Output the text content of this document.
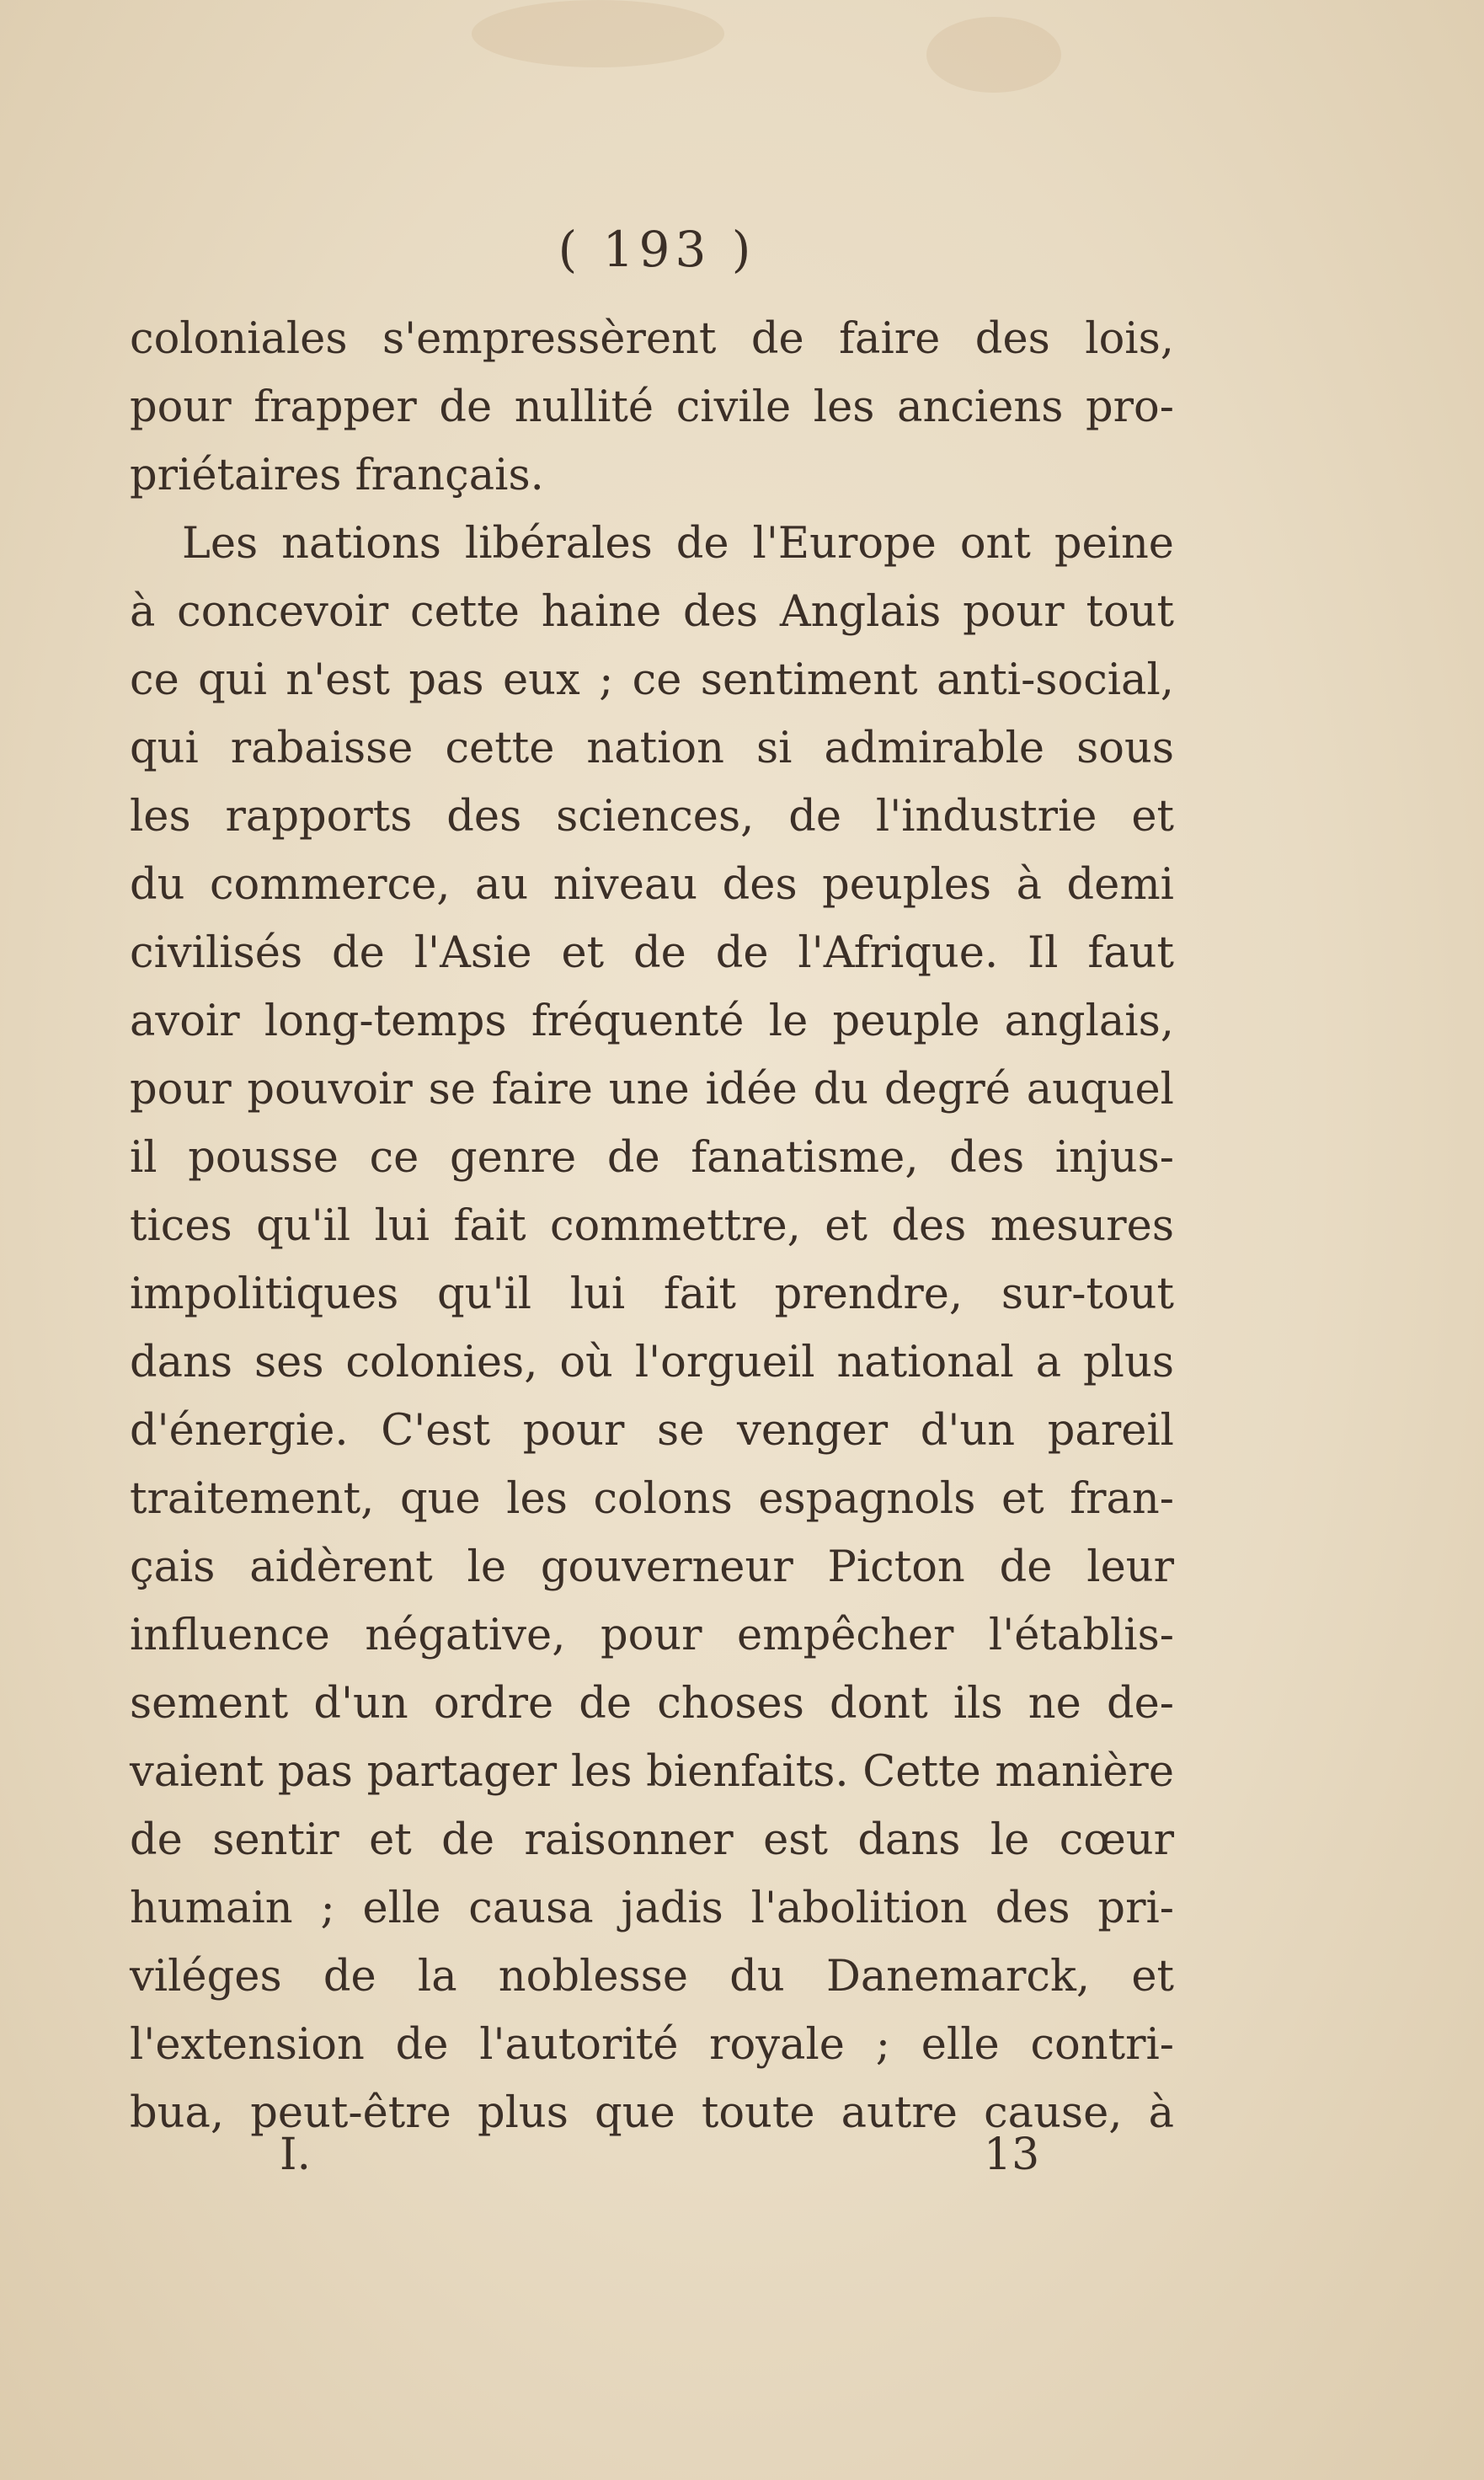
( 193 )
coloniales s'empressèrent de faire des lois,
pour frapper de nullité civile les anciens pro-
priétaires français.
Les nations libérales de l'Europe ont peine
à concevoir cette haine des Anglais pour tout
ce qui n'est pas eux ; ce sentiment anti-social,
qui rabaisse cette nation si admirable sous
les rapports des sciences, de l'industrie et
du commerce, au niveau des peuples à demi
civilisés de l'Asie et de de l'Afrique. Il faut
avoir long-temps fréquenté le peuple anglais,
pour pouvoir se faire une idée du degré auquel
il pousse ce genre de fanatisme, des injus-
tices qu'il lui fait commettre, et des mesures
impolitiques qu'il lui fait prendre, sur-tout
dans ses colonies, où l'orgueil national a plus
d'énergie. C'est pour se venger d'un pareil
traitement, que les colons espagnols et fran-
çais aidèrent le gouverneur Picton de leur
influence négative, pour empêcher l'établis-
sement d'un ordre de choses dont ils ne de-
vaient pas partager les bienfaits. Cette manière
de sentir et de raisonner est dans le cœur
humain ; elle causa jadis l'abolition des pri-
viléges de la noblesse du Danemarck, et
l'extension de l'autorité royale ; elle contri-
bua, peut-être plus que toute autre cause, à
I.	13
